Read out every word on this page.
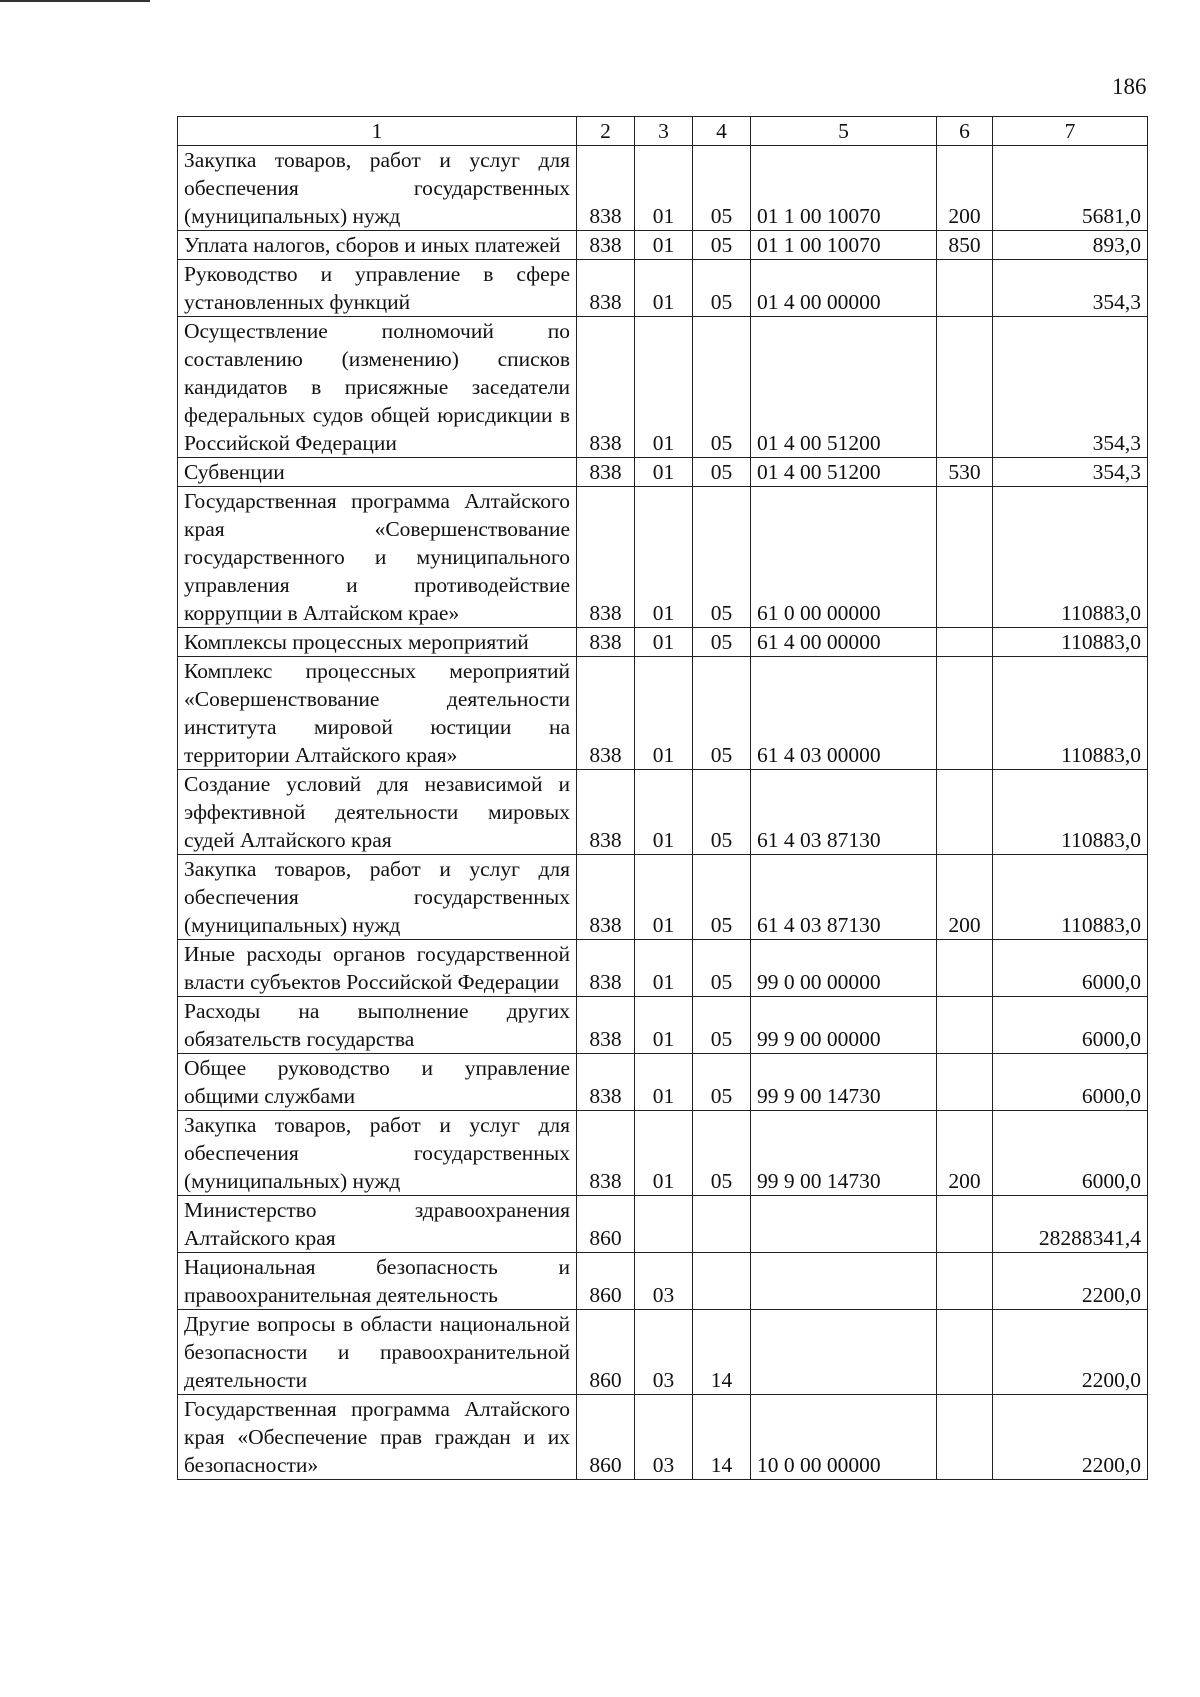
186
1	2	3	4	5	6	7
Закупка товаров, работ и услуг для обеспечения государственных (муниципальных) нужд	838	01	05	01 1 00 10070	200	5681,0
Уплата налогов, сборов и иных платежей	838	01	05	01 1 00 10070	850	893,0
Руководство и управление в сфере установленных функций	838	01	05	01 4 00 00000		354,3
Осуществление полномочий по составлению (изменению) списков кандидатов в присяжные заседатели федеральных судов общей юрисдикции в Российской Федерации	838	01	05	01 4 00 51200		354,3
Субвенции	838	01	05	01 4 00 51200	530	354,3
Государственная программа Алтайского края «Совершенствование государственного и муниципального управления и противодействие коррупции в Алтайском крае»	838	01	05	61 0 00 00000		110883,0
Комплексы процессных мероприятий	838	01	05	61 4 00 00000		110883,0
Комплекс процессных мероприятий «Совершенствование деятельности института мировой юстиции на территории Алтайского края»	838	01	05	61 4 03 00000		110883,0
Создание условий для независимой и эффективной деятельности мировых судей Алтайского края	838	01	05	61 4 03 87130		110883,0
Закупка товаров, работ и услуг для обеспечения государственных (муниципальных) нужд	838	01	05	61 4 03 87130	200	110883,0
Иные расходы органов государственной власти субъектов Российской Федерации	838	01	05	99 0 00 00000		6000,0
Расходы на выполнение других обязательств государства	838	01	05	99 9 00 00000		6000,0
Общее руководство и управление общими службами	838	01	05	99 9 00 14730		6000,0
Закупка товаров, работ и услуг для обеспечения государственных (муниципальных) нужд	838	01	05	99 9 00 14730	200	6000,0
Министерство здравоохранения Алтайского края	860					28288341,4
Национальная безопасность и правоохранительная деятельность	860	03				2200,0
Другие вопросы в области национальной безопасности и правоохранительной деятельности	860	03	14			2200,0
Государственная программа Алтайского края «Обеспечение прав граждан и их безопасности»	860	03	14	10 0 00 00000		2200,0
